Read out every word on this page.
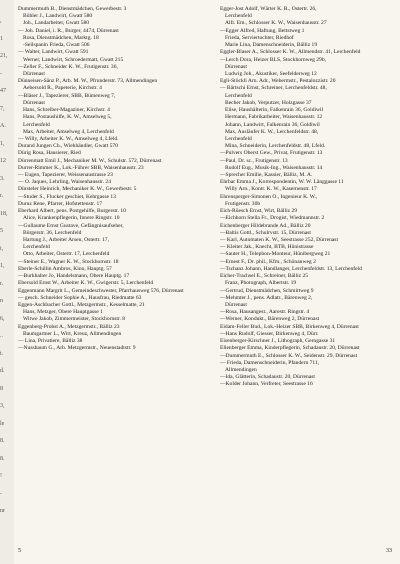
,
1
21,
-
47
7,
A.
1,
12
3.
r.
18,
5
i,
1,
r.
n
6,
..
t.
d.
8
3,
le
8.
8.
!
-
nr
Dummermuth B., Dienstmädchen, Gewerbestr. 3
Bühler J., Landwirt, Gwatt 580
Joh., Landarbeiter, Gwatt 580
— Joh. Daniel, i. R., Burger, 4474, Dürrenast
Rosa, Dienstmädchen, Marktg. 18
-Seilspanin Frieda, Gwatt 506
— Walter, Landwirt, Gwatt 591
Werner, Landwirt, Schroedermatt, Gwatt 215
—Zeller F., Schneider K. W., Frutigenstr. 36,
Dürrenast
Dünneisen-Sänz P., Arb. M. W., Pfrunderstr. 73, Allmendingen
Aebersold R., Papeterie, Kirchstr. 4
—Bläser J., Tapezierer, SBB, Bümenweg 7,
Dürrenast
Hans, Schreiber-Magaziner, Kirchstr. 4
Hans, Postaushilfe, K. W., Amselweg 5,
Lerchenfeld
Max, Arbeiter, Amselweg 4, Lerchenfeld
— Willy, Arbeiter K. W., Amselweg 4, Lfeld.
Durand Jungen Ch., Wiehhändler, Gwatt 570
Dürig Rosa, Hausierer, Ried
Dürrenmatt Emil J., Mechaniker M. W., Schulstr. 572, Dürrenast
Durrer-Rimmer K., Lok.-Führer SBB, Waisenhausstr. 23
— Eugen, Tapezierer, Weissenaustrasse 23
— O. Jaques, Lehrling, Waisenhausstr. 24
Dürsteler Heinrich, Mechaniker K. W., Gewerbestr. 5
—Studer S., Flucker geschiet, Kehrgasse 13
Duruz Rene, Pfarrer, Hofstettenstr. 17
Eberhard Albert, pens. Postgehilfe, Burgerstr. 10
Alice, Krankenpflegerin, Innere Ringstr. 10
—Gullaume Ernst Gustave, Gefängnisaufseher,
Bürgerstr. 36, Lerchenfeld
Hartung J., Arbeiter Arsen, Ostertr. 17,
Lerchenfeld
Otto, Arbeiter, Ostertr. 17, Lerchenfeld
—Steiner E., Wagner K. W., Stockhornstr. 18
Eberle-Schillin Ambros, Kino, Hauptg. 57
—Burkhalter Jo, Handelsmann, Obere Hauptg. 17
Ebersold Ernst W., Arbeiter K. W., Gwigerstr. 5, Lerchenfeld
Eggenmann Margrit L., Gemeindeschwester, Pfarrhausweg 576, Dürrenast
— gesch. Schneider Sophie A., Hausfrau, Riedmatte 63
Eggen-Aschbacher Gottl., Metzgermstr., Kesselmatte, 21
Hans, Metzger, Obere Hauptgasse 1
Witwe Jakob, Zimmermeister, Stockhornstr. 8
Eggenberg-Probst A., Metzgermstr., Bälliz 23
Baumgartner L., Wirt, Kreuz, Allmendingen
— Lina, Privatiere, Bälliz 38
—Nussbaum G., Arb. Metzgermstr., Neuenstadtstr. 9
Egger-Jost Adolf, Wärter K. R., Ostertr. 26,
Lerchenfeld
Alfr. Em., Schlosser K. W., Waisenhausstr. 27
—Egger Alfred, Haftung, Bettstweg 1
Frieda, Serviertochter, Riedhof
Marie Lina, Damenschneiderin, Bälliz 19
Eggler-Blaser A., Schlosser K. W., Allmendstr. 41, Lerchenfeld
—Lerch Dora, Heizer BLS, Stockhornweg 29b,
Dürrenast
Ludwig Joh., Akustiker, Seefelderweg 12
Egli-Stöckli Arn. Adr., Webermstr., Pestalozzistr. 20
— Bärtschi Ernst, Schreiner, Lerchenfeldstr. 48,
Lerchenfeld
Becher Jakob, Verputzer, Holzgasse 37
Elise, Haushälterin, Falkenrain 36, Goldiwil
Hermann, Fabrikarbeiter, Waisenhausstr. 12
Johann, Landwirt, Falkenrain 36, Goldiwil
Max, Ausläufer K. W., Lerchenfeldstr. 48,
Lerchenfeld
Mina, Schneiderin, Lerchenfeldstr. 48, Lfeld.
—Pulvers Oberst Gew., Privat, Frutigenstr. 13
—Paul, Dr. sc., Frutigenstr. 13
Rudolf Eug., Musik-Ing., Waisenhausstr. 14
—Sprecher Emilie, Kassier, Bälliz, M. A.
Ehrbar Emma J., Korrespondentin, W. W. Länggasse 11
Willy Arn., Kontr. K. W., Kasernenstr. 17
Ehrensperger-Simonen O., Ingenieur K. W.,
Frutigenstr. 30b
Eich-Rüesch Ernst, Wirt, Bälliz 29
—Eichhorn Stella Fr., Drogist, Wiedmannstr. 2
Eichenberger Hildebrande Ad., Bälliz 20
—Baltis Gottl., Schulrvstr. 15, Dürrenast
— Karl, Automaten K. W., Seestrasse 252, Dürrenast
— Kleiter Jak., Knecht, BTB, Hünistrasse
—Sauter H., Telephon-Monteur, Hünibergweg 21
—Ernest F., Dr. phil., Kfm., Schönauweg 2
—Tschanz Johann, Handlanger, Lerchenfeldstr. 13, Lerchenfeld
Eicher-Trachsel E., Schreiner, Bälliz 25
Franz, Photograph, Albertstr. 19
—Gertrud, Dienstmädchen, Schmittweg 9
—Mehmter J., pens. Adlatr., Bärenweg 2,
Dürrenast
—Rosa, Hausangest., Aarestr. Ringstr. 4
—Werner, Kondukt., Bärenweg 2, Dürrenast
Eidam-Feller Bud., Lok.-Heizer SBB, Birkenweg 4, Dürrenast
—Hans Rudolf, Giesser, Birkenweg 4, Dürr.
Eisenberger-Kirschner J., Lithograph, Gerngasse 31
Ellenberger Emma, Kinderpflegerin, Schadaustr. 20, Dürrenast
—Dummermuth E., Schlosser K. W., Seidenstr. 29, Dürrenast
— Frieda, Damenschneiderin, Pfandern 711,
Allmendingen
—Ida, Glätterin, Schadaustr. 20, Dürrenast
—Kolder Johann, Verfreter, Seestrasse 16
5	33
